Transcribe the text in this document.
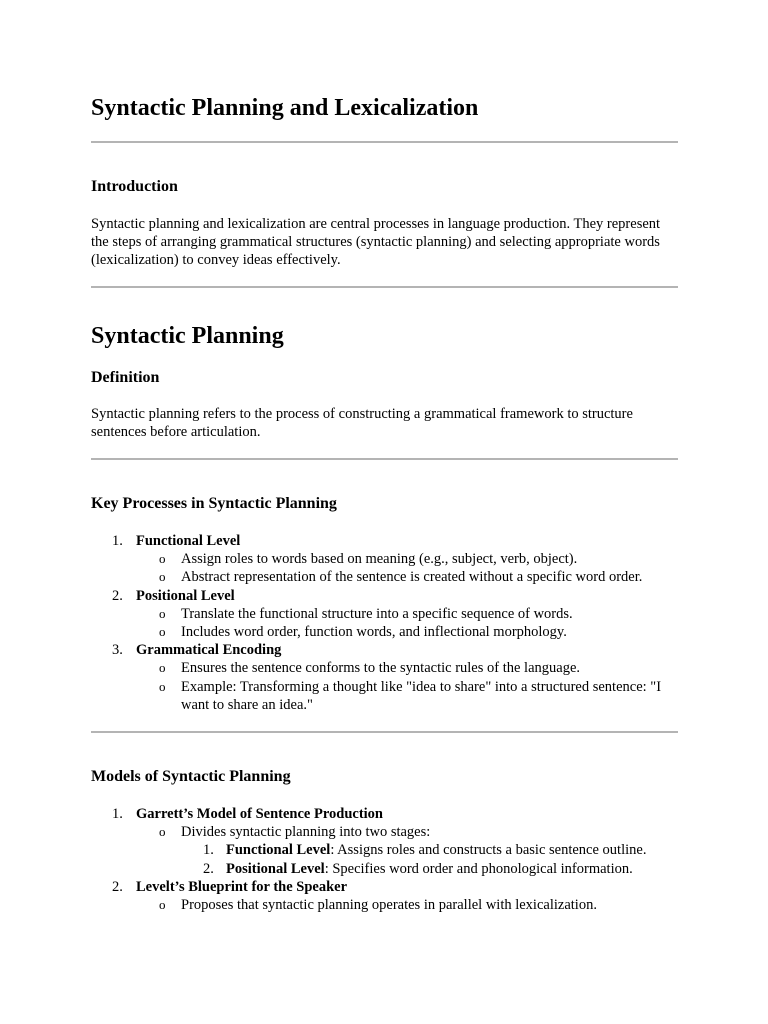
Syntactic Planning and Lexicalization
Introduction

Syntactic planning and lexicalization are central processes in language production. They represent the steps of arranging grammatical structures (syntactic planning) and selecting appropriate words (lexicalization) to convey ideas effectively.

Syntactic Planning
Definition

Syntactic planning refers to the process of constructing a grammatical framework to structure sentences before articulation.

Key Processes in Syntactic Planning
1. Functional Level
o Assign roles to words based on meaning (e.g., subject, verb, object).
o Abstract representation of the sentence is created without a specific word order.
2. Positional Level
o Translate the functional structure into a specific sequence of words.
o Includes word order, function words, and inflectional morphology.
3. Grammatical Encoding
o Ensures the sentence conforms to the syntactic rules of the language.
o Example: Transforming a thought like "idea to share" into a structured sentence: "I want to share an idea."
Models of Syntactic Planning
1. Garrett’s Model of Sentence Production
o Divides syntactic planning into two stages:
1. Functional Level: Assigns roles and constructs a basic sentence outline.
2. Positional Level: Specifies word order and phonological information.
2. Levelt’s Blueprint for the Speaker
o Proposes that syntactic planning operates in parallel with lexicalization.
